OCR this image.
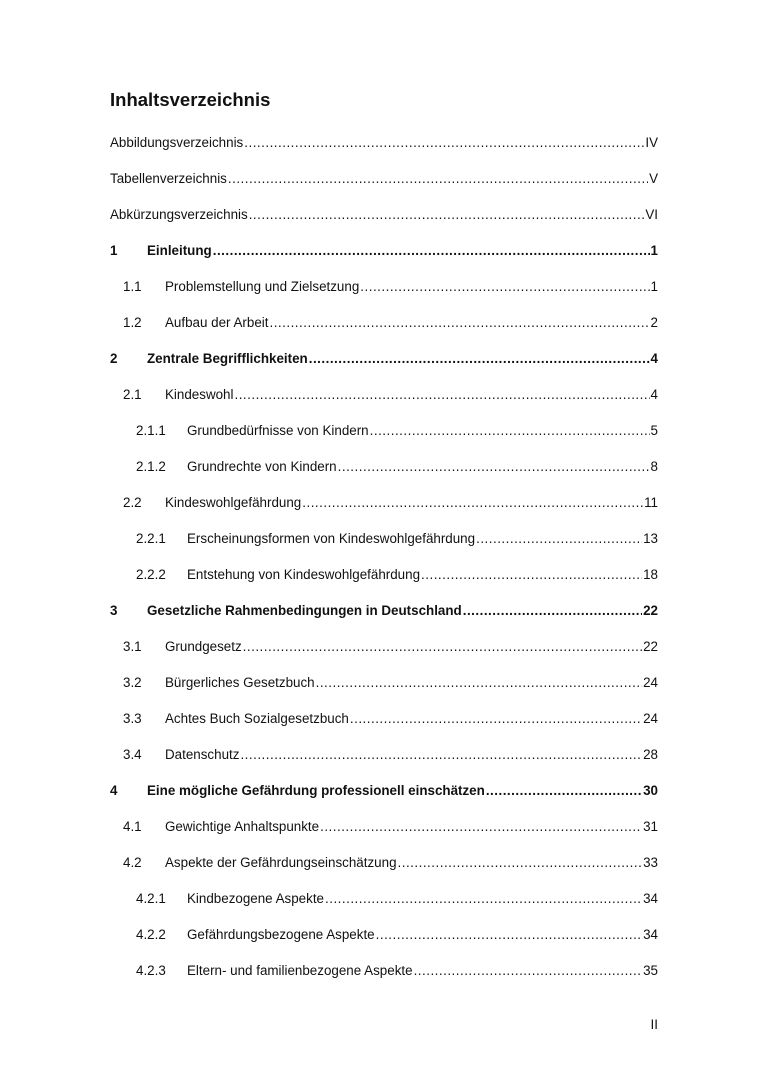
Inhaltsverzeichnis
Abbildungsverzeichnis .....	IV
Tabellenverzeichnis .....	V
Abkürzungsverzeichnis .....	VI
1	Einleitung .....	1
1.1	Problemstellung und Zielsetzung .....	1
1.2	Aufbau der Arbeit .....	2
2	Zentrale Begrifflichkeiten .....	4
2.1	Kindeswohl .....	4
2.1.1	Grundbedürfnisse von Kindern .....	5
2.1.2	Grundrechte von Kindern .....	8
2.2	Kindeswohlgefährdung .....	11
2.2.1	Erscheinungsformen von Kindeswohlgefährdung .....	13
2.2.2	Entstehung von Kindeswohlgefährdung .....	18
3	Gesetzliche Rahmenbedingungen in Deutschland .....	22
3.1	Grundgesetz .....	22
3.2	Bürgerliches Gesetzbuch .....	24
3.3	Achtes Buch Sozialgesetzbuch .....	24
3.4	Datenschutz .....	28
4	Eine mögliche Gefährdung professionell einschätzen .....	30
4.1	Gewichtige Anhaltspunkte .....	31
4.2	Aspekte der Gefährdungseinschätzung .....	33
4.2.1	Kindbezogene Aspekte .....	34
4.2.2	Gefährdungsbezogene Aspekte .....	34
4.2.3	Eltern- und familienbezogene Aspekte .....	35
II
